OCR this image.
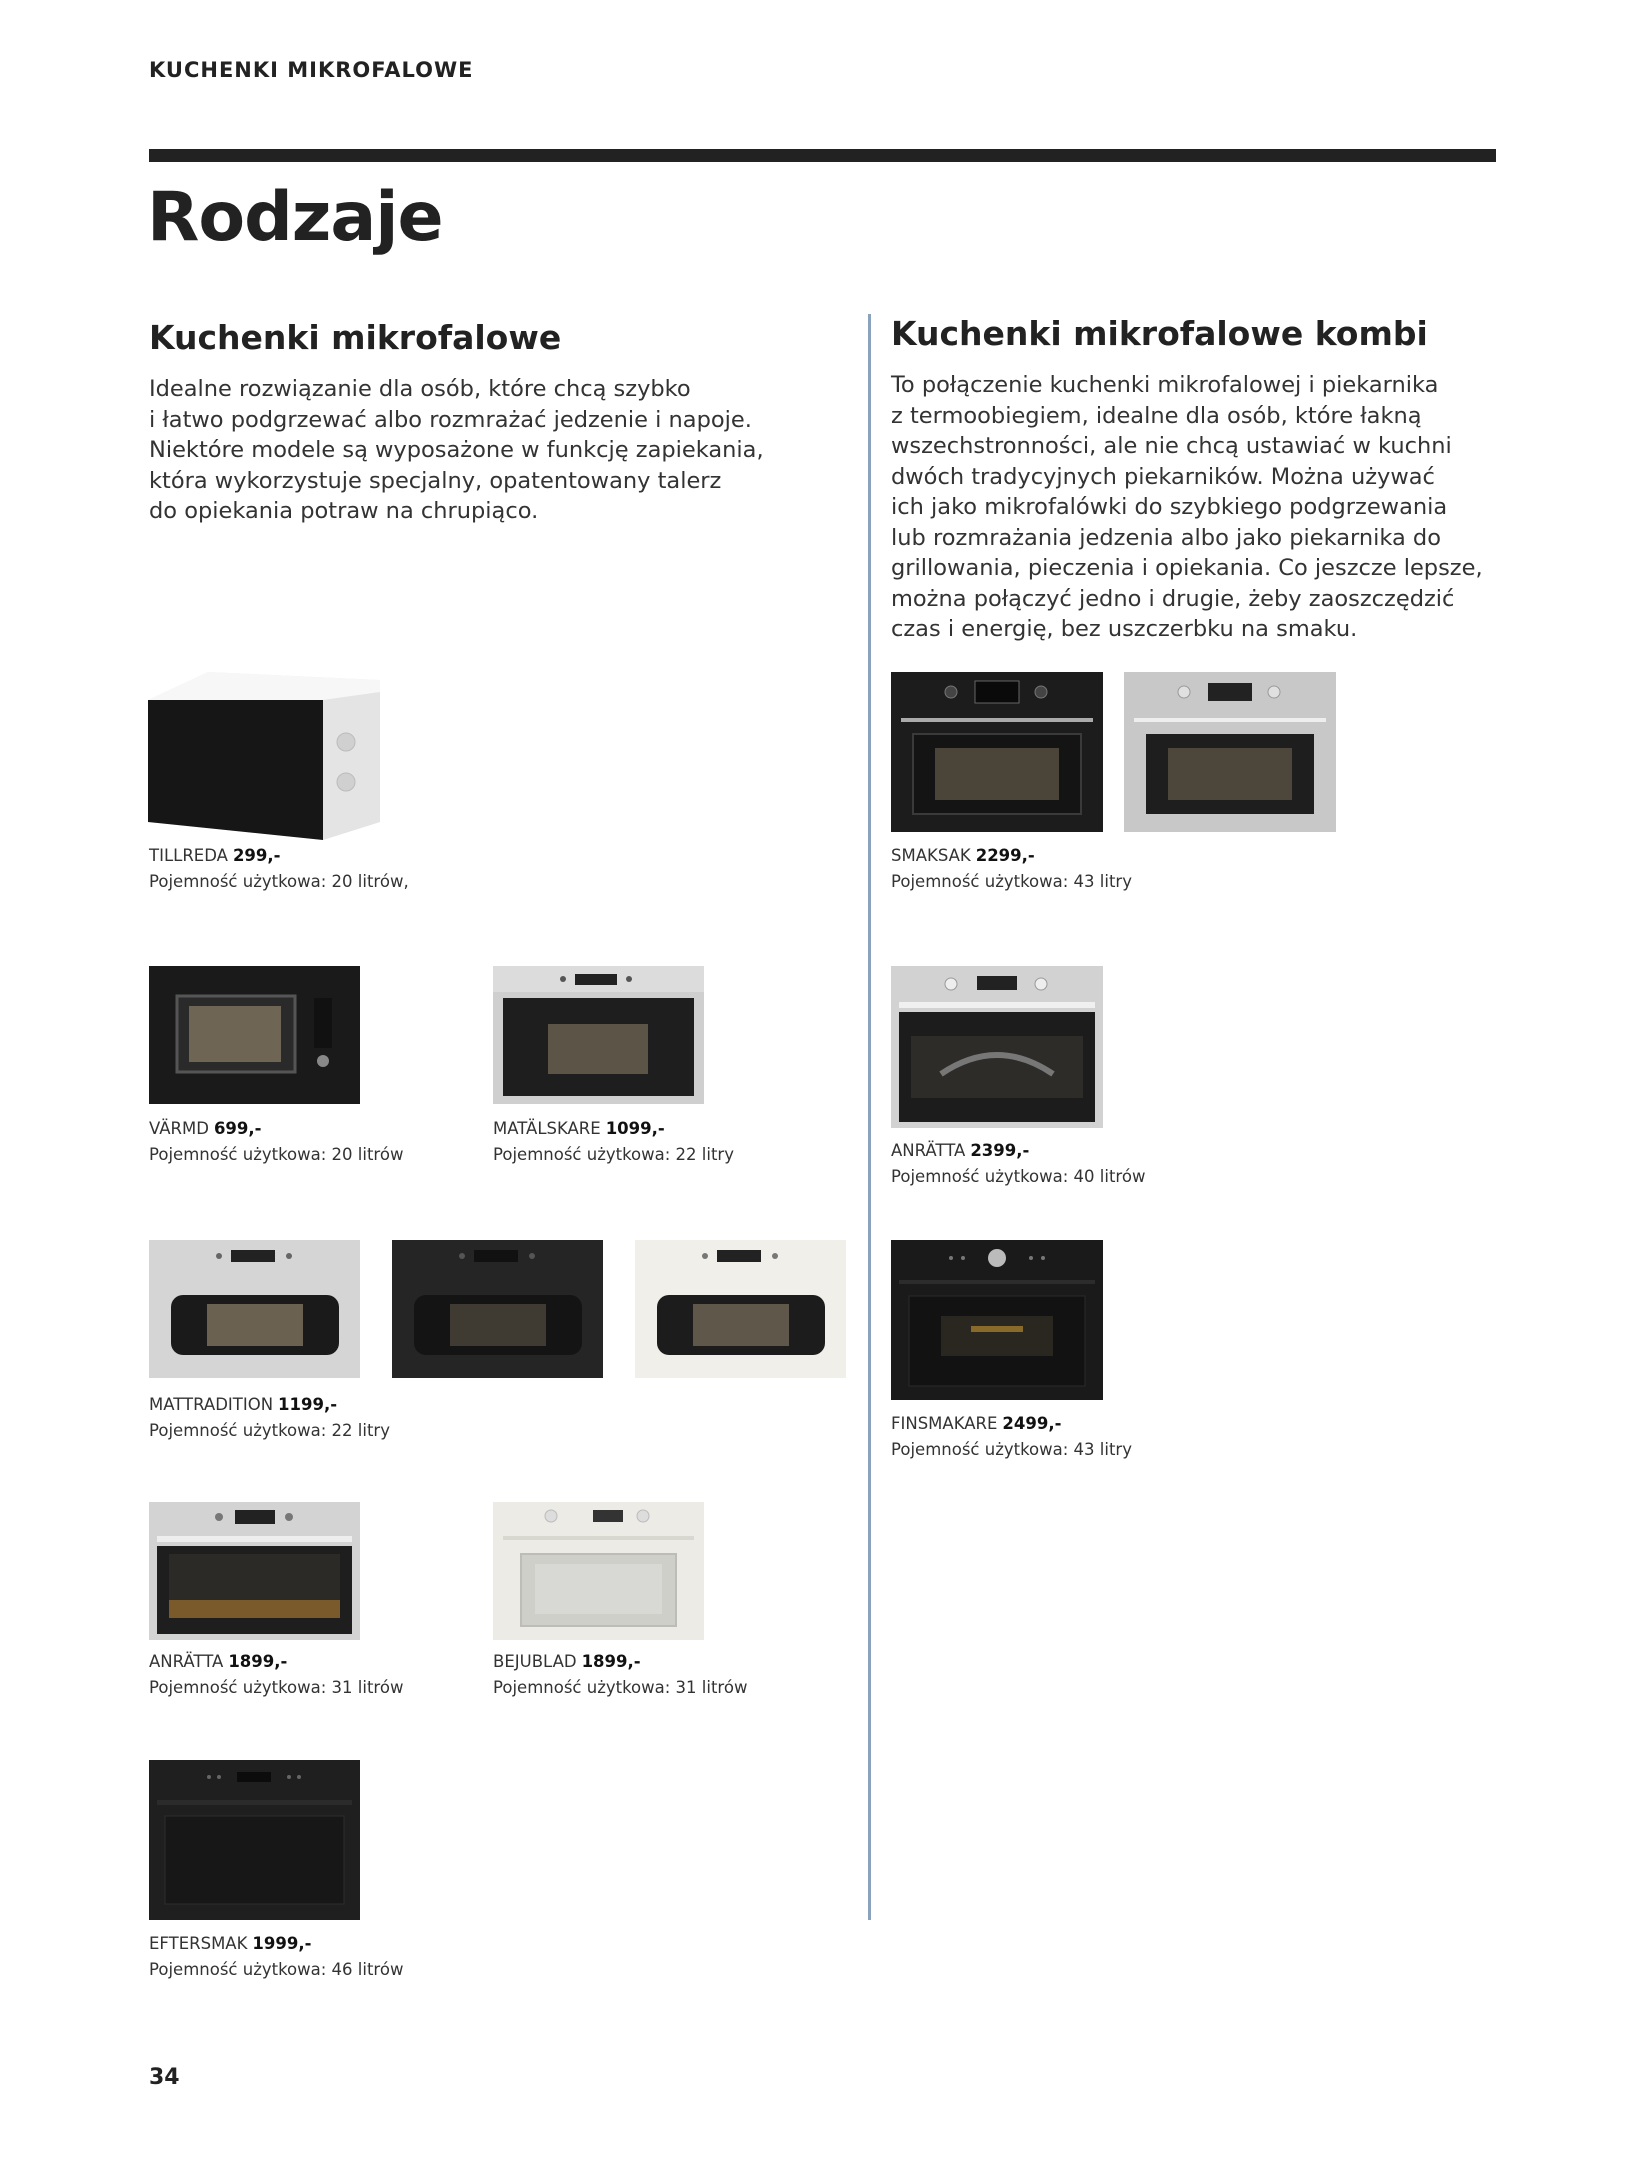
KUCHENKI MIKROFALOWE
Rodzaje
Kuchenki mikrofalowe
Idealne rozwiązanie dla osób, które chcą szybko
i łatwo podgrzewać albo rozmrażać jedzenie i napoje.
Niektóre modele są wyposażone w funkcję zapiekania,
która wykorzystuje specjalny, opatentowany talerz
do opiekania potraw na chrupiąco.
TILLREDA 299,-
Pojemność użytkowa: 20 litrów,
VÄRMD 699,-
Pojemność użytkowa: 20 litrów
MATÄLSKARE 1099,-
Pojemność użytkowa: 22 litry
MATTRADITION 1199,-
Pojemność użytkowa: 22 litry
ANRÄTTA 1899,-
Pojemność użytkowa: 31 litrów
BEJUBLAD 1899,-
Pojemność użytkowa: 31 litrów
EFTERSMAK 1999,-
Pojemność użytkowa: 46 litrów
Kuchenki mikrofalowe kombi
To połączenie kuchenki mikrofalowej i piekarnika
z termoobiegiem, idealne dla osób, które łakną
wszechstronności, ale nie chcą ustawiać w kuchni
dwóch tradycyjnych piekarników. Można używać
ich jako mikrofalówki do szybkiego podgrzewania
lub rozmrażania jedzenia albo jako piekarnika do
grillowania, pieczenia i opiekania. Co jeszcze lepsze,
można połączyć jedno i drugie, żeby zaoszczędzić
czas i energię, bez uszczerbku na smaku.
SMAKSAK 2299,-
Pojemność użytkowa: 43 litry
ANRÄTTA 2399,-
Pojemność użytkowa: 40 litrów
FINSMAKARE 2499,-
Pojemność użytkowa: 43 litry
34
